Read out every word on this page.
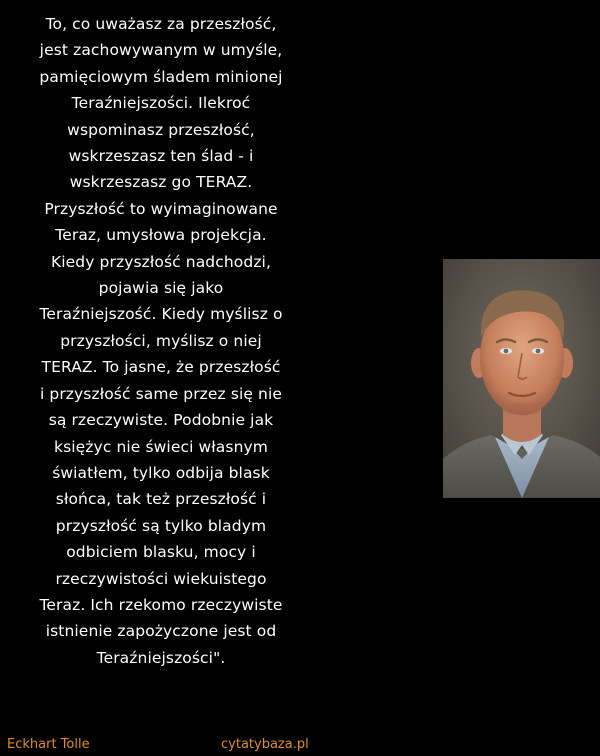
To, co uważasz za przeszłość,
jest zachowywanym w umyśle,
pamięciowym śladem minionej
Teraźniejszości. Ilekroć
wspominasz przeszłość,
wskrzeszasz ten ślad - i
wskrzeszasz go TERAZ.
Przyszłość to wyimaginowane
Teraz, umysłowa projekcja.
Kiedy przyszłość nadchodzi,
pojawia się jako
Teraźniejszość. Kiedy myślisz o
przyszłości, myślisz o niej
TERAZ. To jasne, że przeszłość
i przyszłość same przez się nie
są rzeczywiste. Podobnie jak
księżyc nie świeci własnym
światłem, tylko odbija blask
słońca, tak też przeszłość i
przyszłość są tylko bladym
odbiciem blasku, mocy i
rzeczywistości wiekuistego
Teraz. Ich rzekomo rzeczywiste
istnienie zapożyczone jest od
Teraźniejszości".
Eckhart Tolle	cytatybaza.pl
